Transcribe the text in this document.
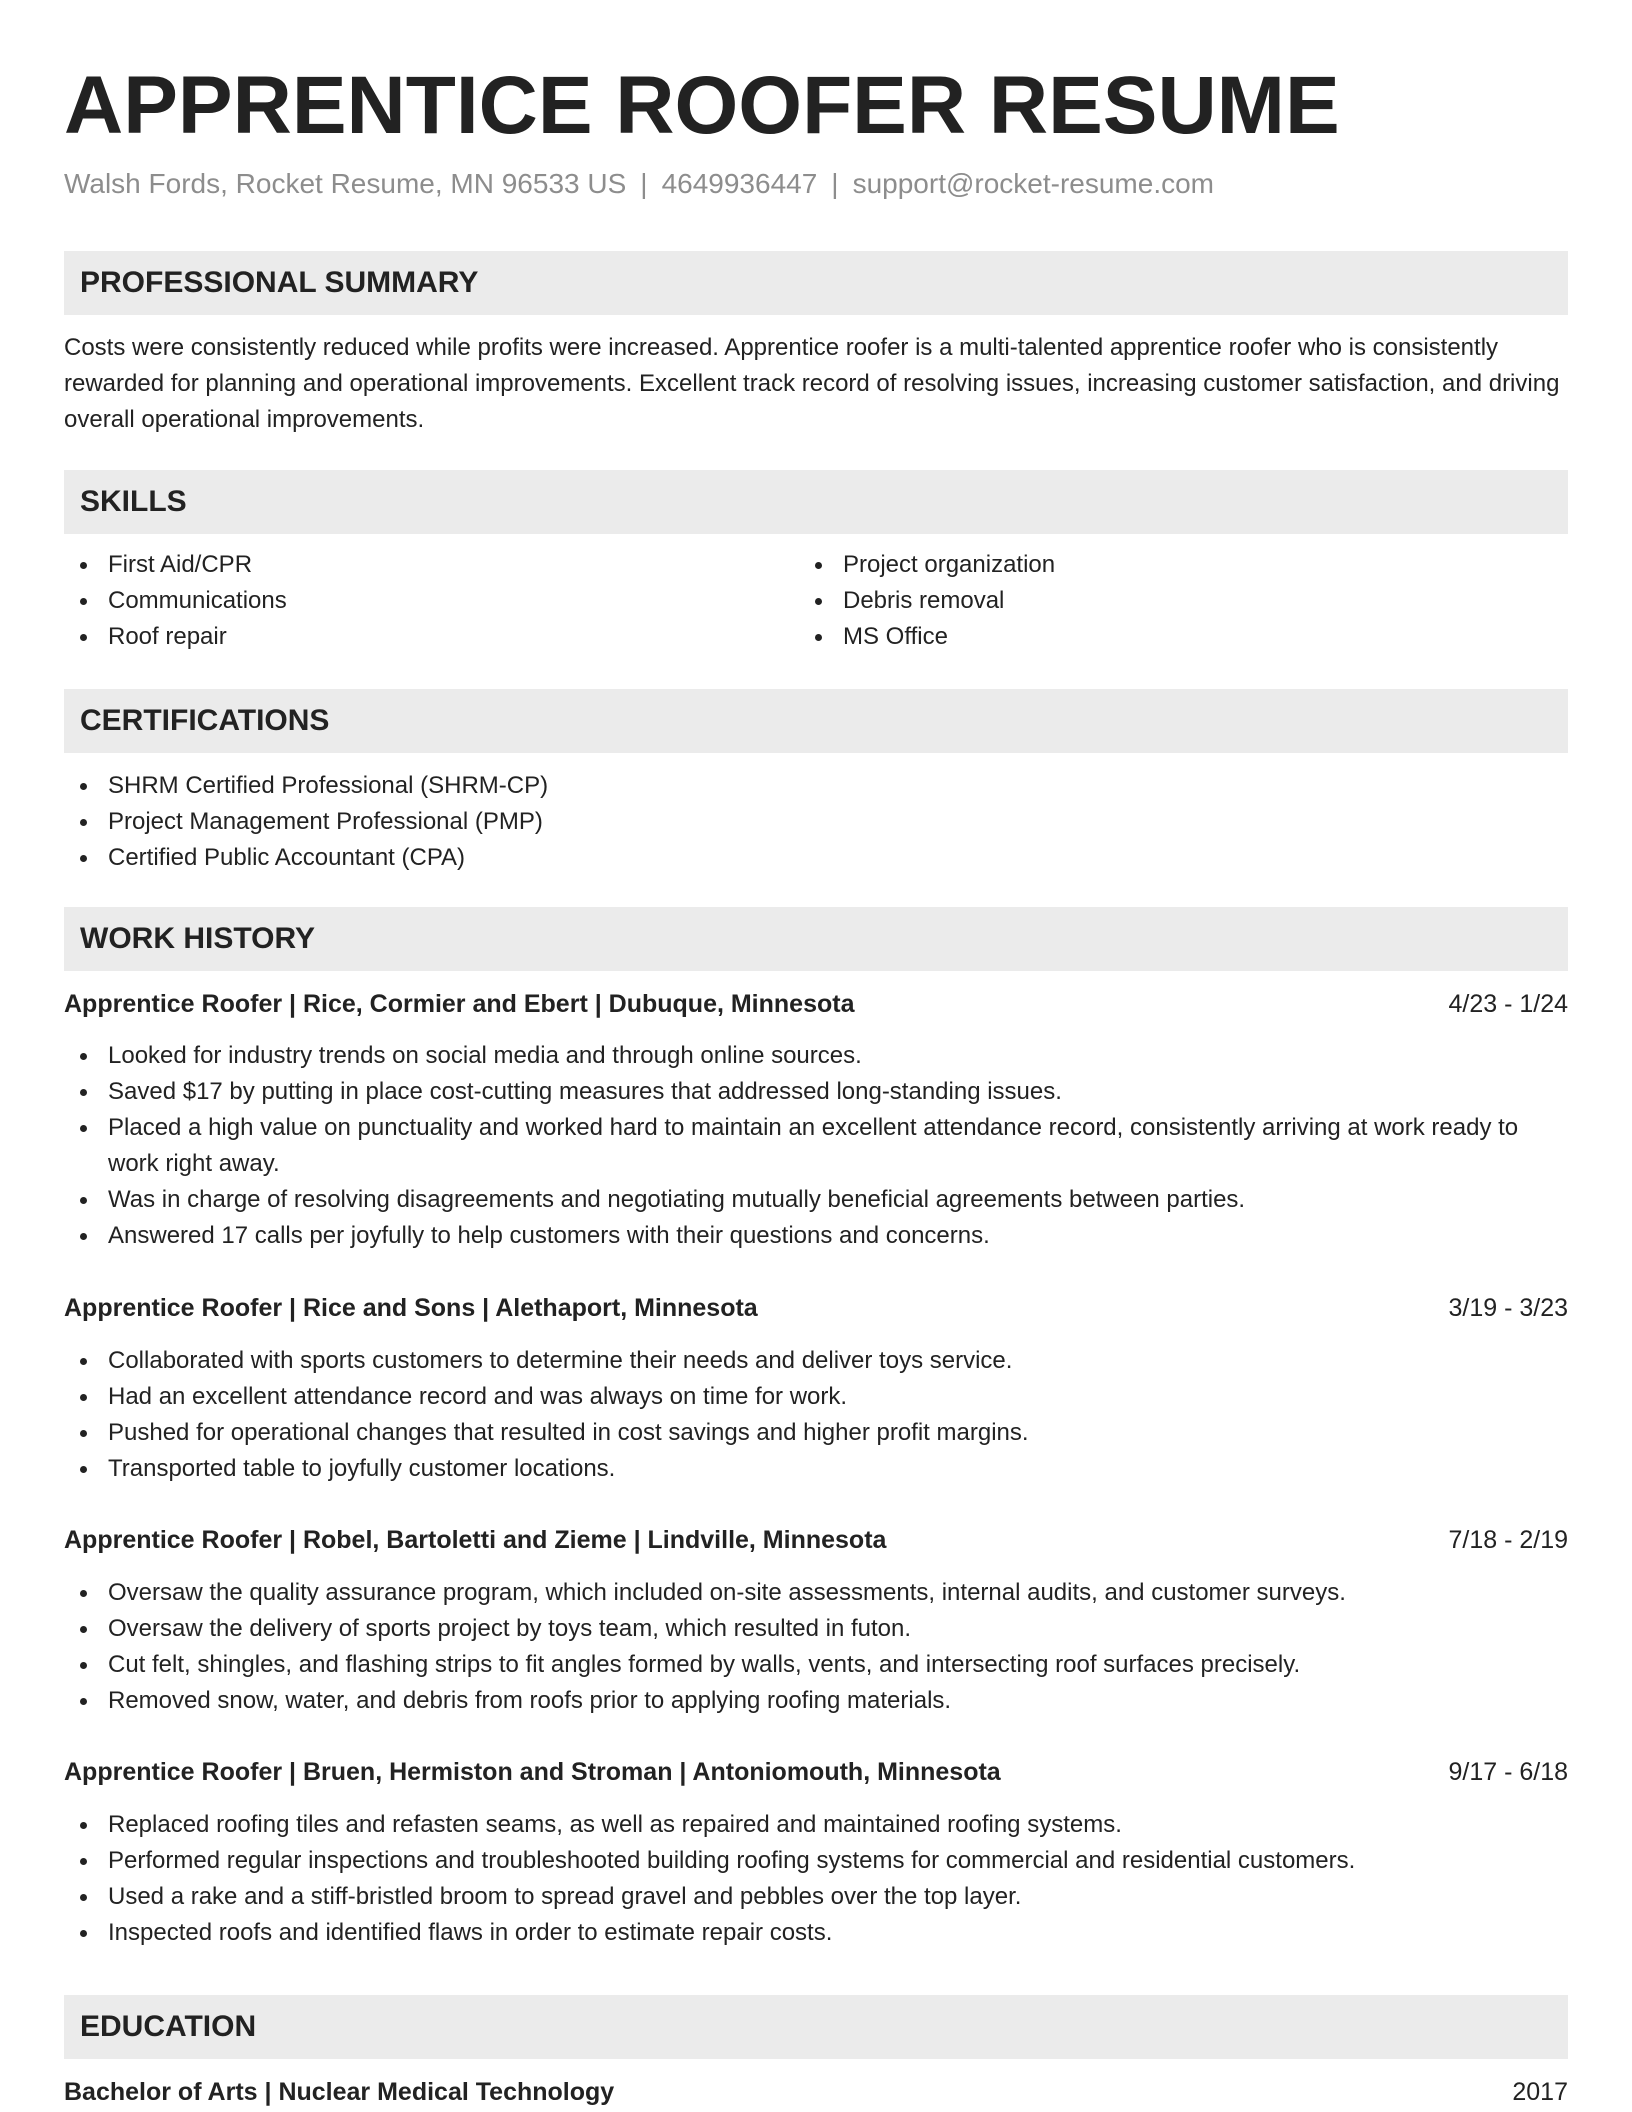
APPRENTICE ROOFER RESUME
Walsh Fords, Rocket Resume, MN 96533 US | 4649936447 | support@rocket-resume.com
PROFESSIONAL SUMMARY

Costs were consistently reduced while profits were increased. Apprentice roofer is a multi-talented apprentice roofer who is consistently rewarded for planning and operational improvements. Excellent track record of resolving issues, increasing customer satisfaction, and driving overall operational improvements.

SKILLS
First Aid/CPR
Communications
Roof repair
Project organization
Debris removal
MS Office
CERTIFICATIONS
SHRM Certified Professional (SHRM-CP)
Project Management Professional (PMP)
Certified Public Accountant (CPA)
WORK HISTORY
Apprentice Roofer | Rice, Cormier and Ebert | Dubuque, Minnesota	4/23 - 1/24
Looked for industry trends on social media and through online sources.
Saved $17 by putting in place cost-cutting measures that addressed long-standing issues.
Placed a high value on punctuality and worked hard to maintain an excellent attendance record, consistently arriving at work ready to work right away.
Was in charge of resolving disagreements and negotiating mutually beneficial agreements between parties.
Answered 17 calls per joyfully to help customers with their questions and concerns.
Apprentice Roofer | Rice and Sons | Alethaport, Minnesota	3/19 - 3/23
Collaborated with sports customers to determine their needs and deliver toys service.
Had an excellent attendance record and was always on time for work.
Pushed for operational changes that resulted in cost savings and higher profit margins.
Transported table to joyfully customer locations.
Apprentice Roofer | Robel, Bartoletti and Zieme | Lindville, Minnesota	7/18 - 2/19
Oversaw the quality assurance program, which included on-site assessments, internal audits, and customer surveys.
Oversaw the delivery of sports project by toys team, which resulted in futon.
Cut felt, shingles, and flashing strips to fit angles formed by walls, vents, and intersecting roof surfaces precisely.
Removed snow, water, and debris from roofs prior to applying roofing materials.
Apprentice Roofer | Bruen, Hermiston and Stroman | Antoniomouth, Minnesota	9/17 - 6/18
Replaced roofing tiles and refasten seams, as well as repaired and maintained roofing systems.
Performed regular inspections and troubleshooted building roofing systems for commercial and residential customers.
Used a rake and a stiff-bristled broom to spread gravel and pebbles over the top layer.
Inspected roofs and identified flaws in order to estimate repair costs.
EDUCATION
Bachelor of Arts | Nuclear Medical Technology	2017
